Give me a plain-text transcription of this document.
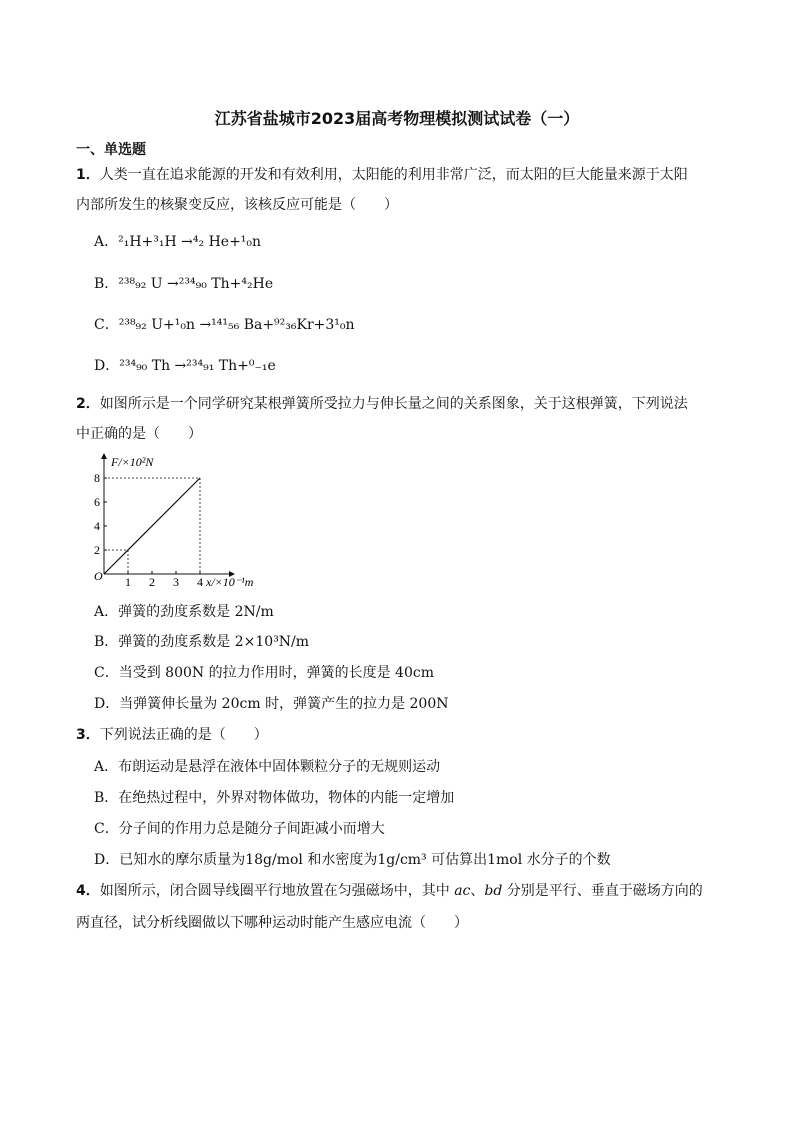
江苏省盐城市2023届高考物理模拟测试试卷（一）
一、单选题
1．人类一直在追求能源的开发和有效利用，太阳能的利用非常广泛，而太阳的巨大能量来源于太阳
内部所发生的核聚变反应，该核反应可能是（　　）
A．²₁H+³₁H →⁴₂ He+¹₀n
B．²³⁸₉₂ U →²³⁴₉₀ Th+⁴₂He
C．²³⁸₉₂ U+¹₀n →¹⁴¹₅₆ Ba+⁹²₃₆Kr+3¹₀n
D．²³⁴₉₀ Th →²³⁴₉₁ Th+⁰₋₁e
2．如图所示是一个同学研究某根弹簧所受拉力与伸长量之间的关系图象，关于这根弹簧，下列说法
中正确的是（　　）
F/×10²N
O	x/×10⁻¹m
1 2 3 4
2
4
6
8
A．弹簧的劲度系数是 2N/m
B．弹簧的劲度系数是 2×10³N/m
C．当受到 800N 的拉力作用时，弹簧的长度是 40cm
D．当弹簧伸长量为 20cm 时，弹簧产生的拉力是 200N
3．下列说法正确的是（　　）
A．布朗运动是悬浮在液体中固体颗粒分子的无规则运动
B．在绝热过程中，外界对物体做功，物体的内能一定增加
C．分子间的作用力总是随分子间距减小而增大
D．已知水的摩尔质量为18g/mol 和水密度为1g/cm³ 可估算出1mol 水分子的个数
4．如图所示，闭合圆导线圈平行地放置在匀强磁场中，其中 ac、bd 分别是平行、垂直于磁场方向的
两直径，试分析线圈做以下哪种运动时能产生感应电流（　　）
